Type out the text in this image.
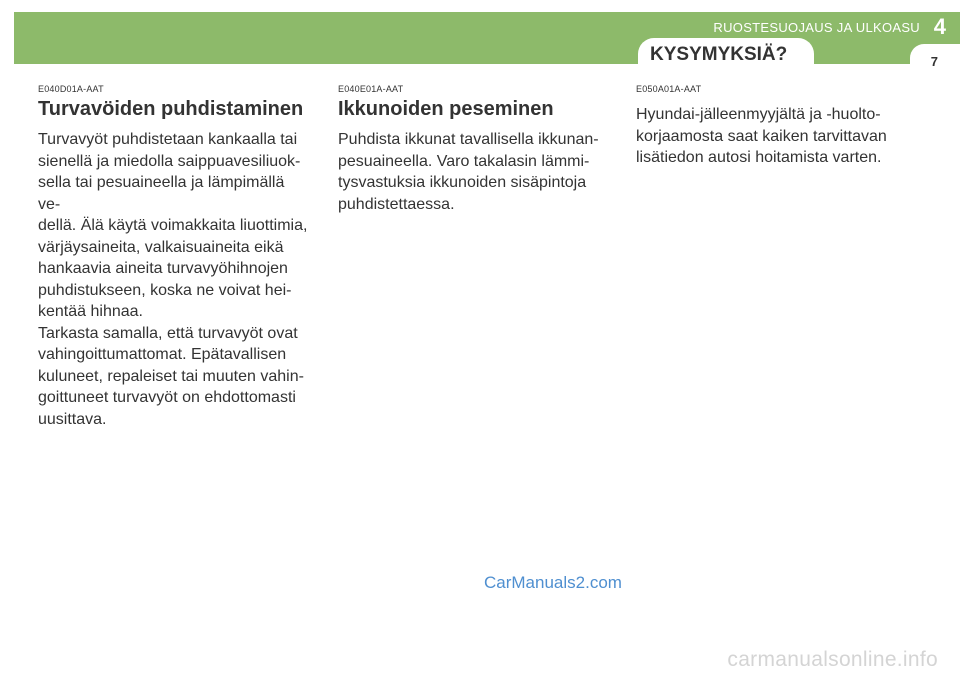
RUOSTESUOJAUS JA ULKOASU 4
KYSYMYKSIÄ?	7

E040D01A-AAT

Turvavöiden puhdistaminen

Turvavyöt puhdistetaan kankaalla tai
sienellä ja miedolla saippuavesiliuok-
sella tai pesuaineella ja lämpimällä ve-
dellä. Älä käytä voimakkaita liuottimia,
värjäysaineita, valkaisuaineita eikä
hankaavia aineita turvavyöhihnojen
puhdistukseen, koska ne voivat hei-
kentää hihnaa.
Tarkasta samalla, että turvavyöt ovat
vahingoittumattomat. Epätavallisen
kuluneet, repaleiset tai muuten vahin-
goittuneet turvavyöt on ehdottomasti
uusittava.

E040E01A-AAT

Ikkunoiden peseminen

Puhdista ikkunat tavallisella ikkunan-
pesuaineella. Varo takalasin lämmi-
tysvastuksia ikkunoiden sisäpintoja
puhdistettaessa.

E050A01A-AAT

Hyundai-jälleenmyyjältä ja -huolto-
korjaamosta saat kaiken tarvittavan
lisätiedon autosi hoitamista varten.

CarManuals2.com
carmanualsonline.info
